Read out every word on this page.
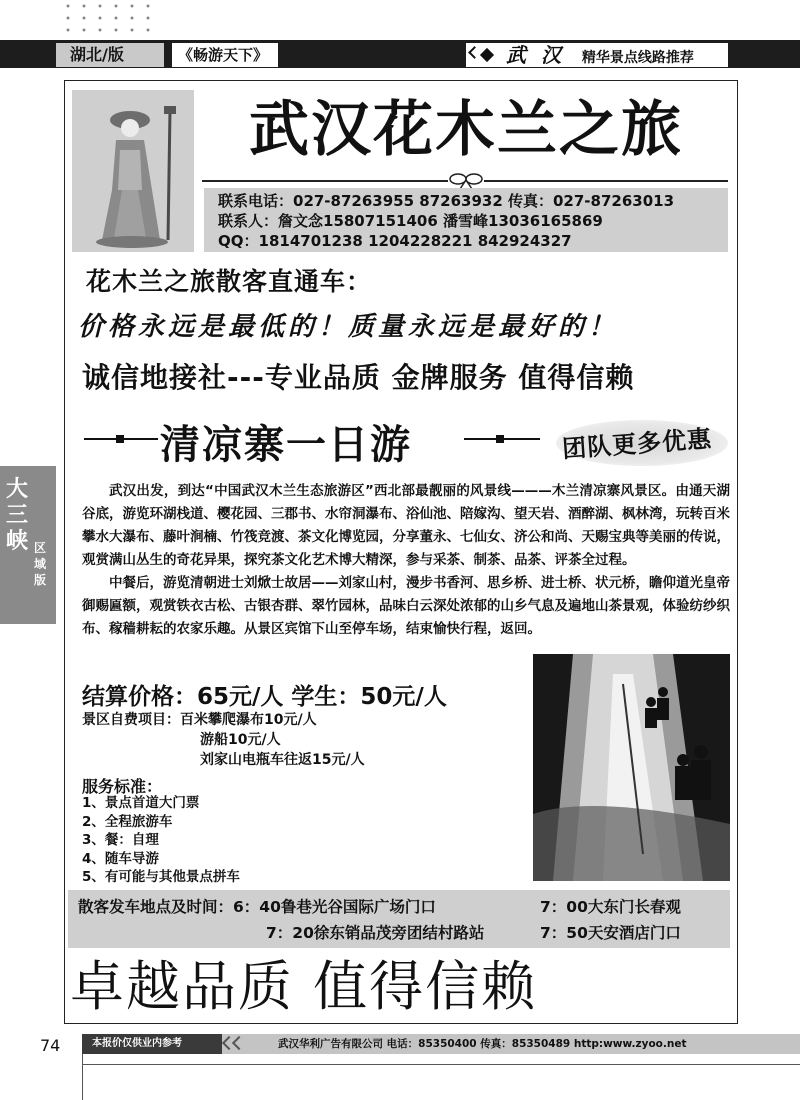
湖北/版	《畅游天下》	武 汉 精华景点线路推荐
大三峡 区域版
武汉花木兰之旅
联系电话：027-87263955 87263932 传真：027-87263013
联系人：詹文念15807151406 潘雪峰13036165869
QQ：1814701238 1204228221 842924327
花木兰之旅散客直通车：
价格永远是最低的！质量永远是最好的！
诚信地接社---专业品质 金牌服务 值得信赖
清凉寨一日游	团队更多优惠

武汉出发，到达“中国武汉木兰生态旅游区”西北部最靓丽的风景线———木兰清凉寨风景区。由通天湖谷底，游览环湖栈道、樱花园、三郡书、水帘洞瀑布、浴仙池、陪嫁沟、望天岩、酒醉湖、枫林湾，玩转百米攀水大瀑布、藤叶涧楠、竹筏竞渡、茶文化博览园，分享董永、七仙女、济公和尚、天赐宝典等美丽的传说，观赏满山丛生的奇花异果，探究茶文化艺术博大精深，参与采茶、制茶、品茶、评茶全过程。

中餐后，游览清朝进士刘焮士故居——刘家山村，漫步书香河、思乡桥、进士桥、状元桥，瞻仰道光皇帝御赐匾额，观赏铁衣古松、古银杏群、翠竹园林，品味白云深处浓郁的山乡气息及遍地山茶景观，体验纺纱织布、稼穑耕耘的农家乐趣。从景区宾馆下山至停车场，结束愉快行程，返回。

结算价格：65元/人 学生：50元/人
景区自费项目：百米攀爬瀑布10元/人
游船10元/人
刘家山电瓶车往返15元/人
服务标准：
1、景点首道大门票
2、全程旅游车
3、餐：自理
4、随车导游
5、有可能与其他景点拼车
散客发车地点及时间：6：40鲁巷光谷国际广场门口	7：00大东门长春观
7：20徐东销品茂旁团结村路站	7：50天安酒店门口
卓越品质 值得信赖
74	本报价仅供业内参考	武汉华利广告有限公司 电话：85350400 传真：85350489 http:www.zyoo.net
